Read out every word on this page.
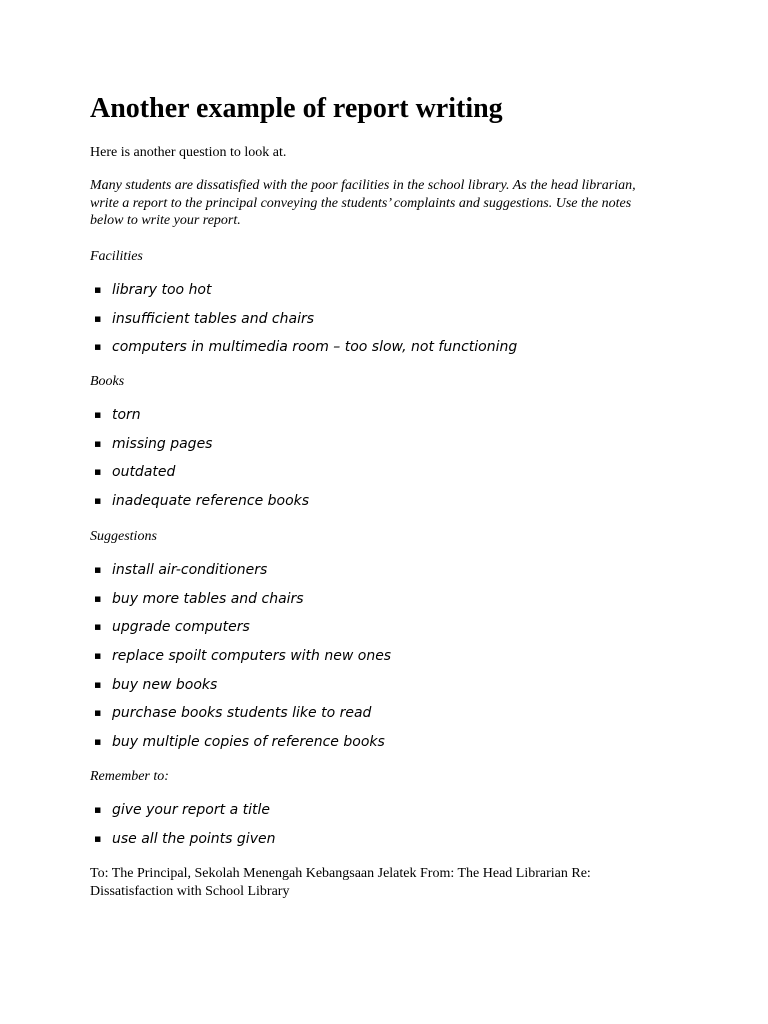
Another example of report writing

Here is another question to look at.

Many students are dissatisfied with the poor facilities in the school library. As the head librarian, write a report to the principal conveying the students’ complaints and suggestions. Use the notes below to write your report.

Facilities

▪ library too hot
▪ insufficient tables and chairs
▪ computers in multimedia room – too slow, not functioning

Books

▪ torn
▪ missing pages
▪ outdated
▪ inadequate reference books

Suggestions

▪ install air-conditioners
▪ buy more tables and chairs
▪ upgrade computers
▪ replace spoilt computers with new ones
▪ buy new books
▪ purchase books students like to read
▪ buy multiple copies of reference books

Remember to:

▪ give your report a title
▪ use all the points given

To: The Principal, Sekolah Menengah Kebangsaan Jelatek From: The Head Librarian Re: Dissatisfaction with School Library
